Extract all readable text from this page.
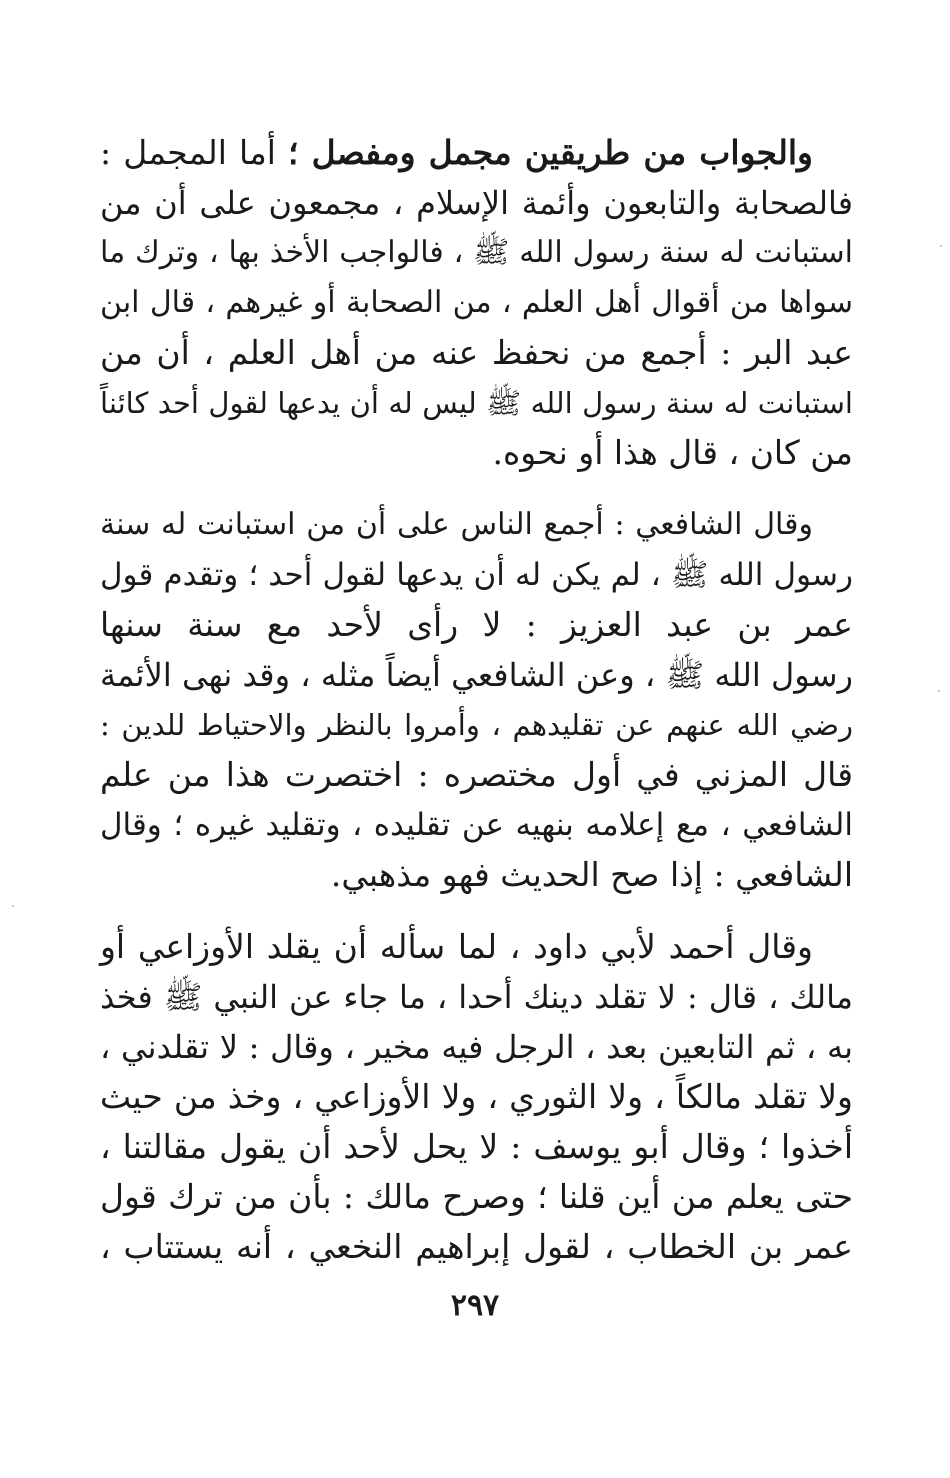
والجواب من طريقين مجمل ومفصل ؛ أما المجمل :
فالصحابة والتابعون وأئمة الإسلام ، مجمعون على أن من
استبانت له سنة رسول الله ﷺ ، فالواجب الأخذ بها ، وترك ما
سواها من أقوال أهل العلم ، من الصحابة أو غيرهم ، قال ابن
عبد البر : أجمع من نحفظ عنه من أهل العلم ، أن من
استبانت له سنة رسول الله ﷺ ليس له أن يدعها لقول أحد كائناً
من كان ، قال هذا أو نحوه.
وقال الشافعي : أجمع الناس على أن من استبانت له سنة
رسول الله ﷺ ، لم يكن له أن يدعها لقول أحد ؛ وتقدم قول
عمر بن عبد العزيز : لا رأى لأحد مع سنة سنها
رسول الله ﷺ ، وعن الشافعي أيضاً مثله ، وقد نهى الأئمة
رضي الله عنهم عن تقليدهم ، وأمروا بالنظر والاحتياط للدين :
قال المزني في أول مختصره : اختصرت هذا من علم
الشافعي ، مع إعلامه بنهيه عن تقليده ، وتقليد غيره ؛ وقال
الشافعي : إذا صح الحديث فهو مذهبي.
وقال أحمد لأبي داود ، لما سأله أن يقلد الأوزاعي أو
مالك ، قال : لا تقلد دينك أحدا ، ما جاء عن النبي ﷺ فخذ
به ، ثم التابعين بعد ، الرجل فيه مخير ، وقال : لا تقلدني ،
ولا تقلد مالكاً ، ولا الثوري ، ولا الأوزاعي ، وخذ من حيث
أخذوا ؛ وقال أبو يوسف : لا يحل لأحد أن يقول مقالتنا ،
حتى يعلم من أين قلنا ؛ وصرح مالك : بأن من ترك قول
عمر بن الخطاب ، لقول إبراهيم النخعي ، أنه يستتاب ،
٢٩٧
